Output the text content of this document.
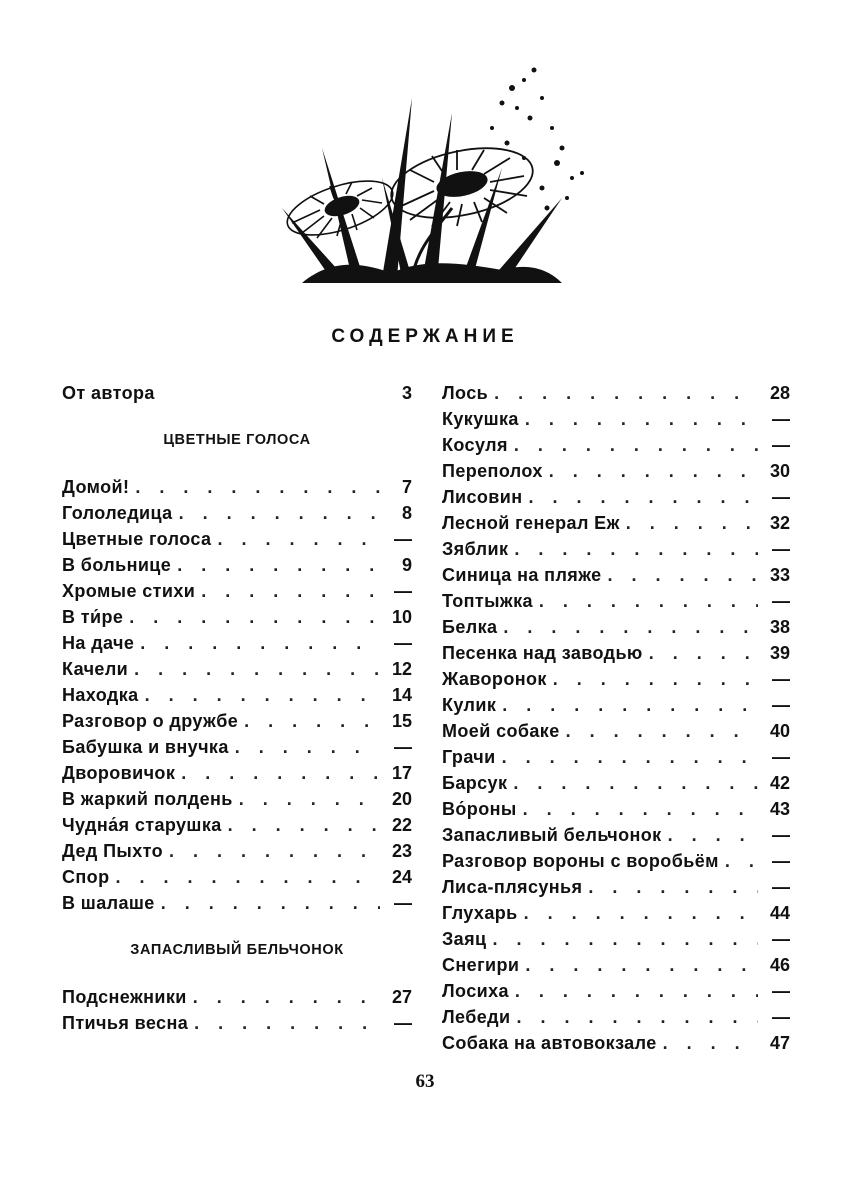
СОДЕРЖАНИЕ
От автора	3
ЦВЕТНЫЕ ГОЛОСА
Домой! . . .	7
Гололедица . . .	8
Цветные голоса . . .	—
В больнице . . .	9
Хромые стихи . . .	—
В ти́ре . . .	10
На даче . . .	—
Качели . . .	12
Находка . . .	14
Разговор о дружбе . . .	15
Бабушка и внучка . . .	—
Дворовичок . . .	17
В жаркий полдень . . .	20
Чудна́я старушка . . .	22
Дед Пыхто . . .	23
Спор . . .	24
В шалаше . . .	—
ЗАПАСЛИВЫЙ БЕЛЬЧОНОК
Подснежники . . .	27
Птичья весна . . .	—
Лось . . .	28
Кукушка . . .	—
Косуля . . .	—
Переполох . . .	30
Лисовин . . .	—
Лесной генерал Еж . . .	32
Зяблик . . .	—
Синица на пляже . . .	33
Топтыжка . . .	—
Белка . . .	38
Песенка над заводью . . .	39
Жаворонок . . .	—
Кулик . . .	—
Моей собаке . . .	40
Грачи . . .	—
Барсук . . .	42
Во́роны . . .	43
Запасливый бельчонок . . .	—
Разговор вороны с воробьём . . .	—
Лиса-плясунья . . .	—
Глухарь . . .	44
Заяц . . .	—
Снегири . . .	46
Лосиха . . .	—
Лебеди . . .	—
Собака на автовокзале . . .	47
63
